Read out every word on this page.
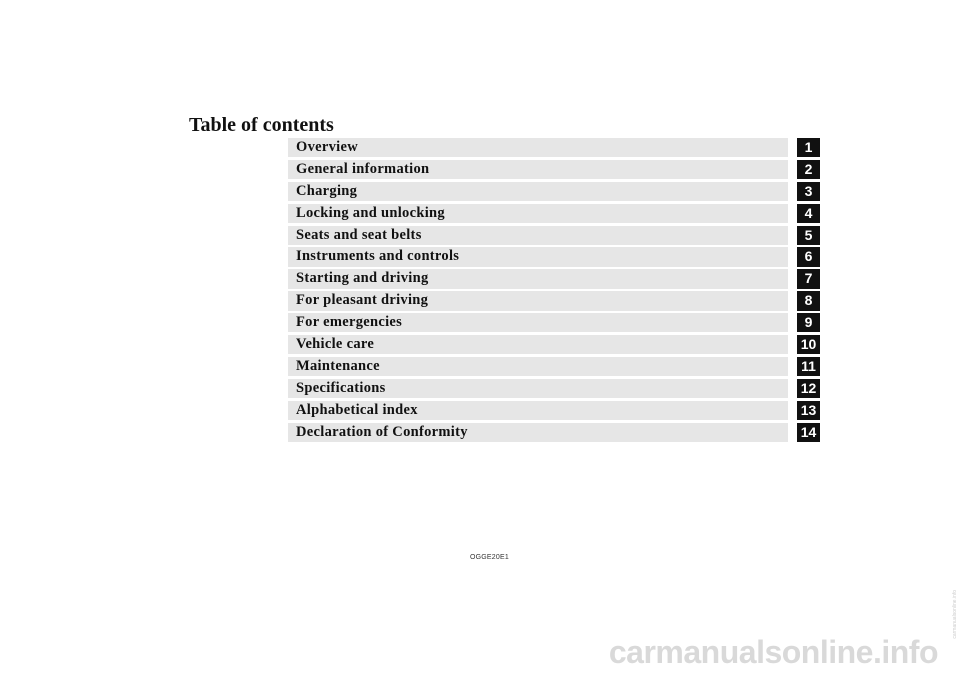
Table of contents
Overview	1
General information	2
Charging	3
Locking and unlocking	4
Seats and seat belts	5
Instruments and controls	6
Starting and driving	7
For pleasant driving	8
For emergencies	9
Vehicle care	10
Maintenance	11
Specifications	12
Alphabetical index	13
Declaration of Conformity	14
OGGE20E1
carmanualsonline.info
carmanualsonline.info
